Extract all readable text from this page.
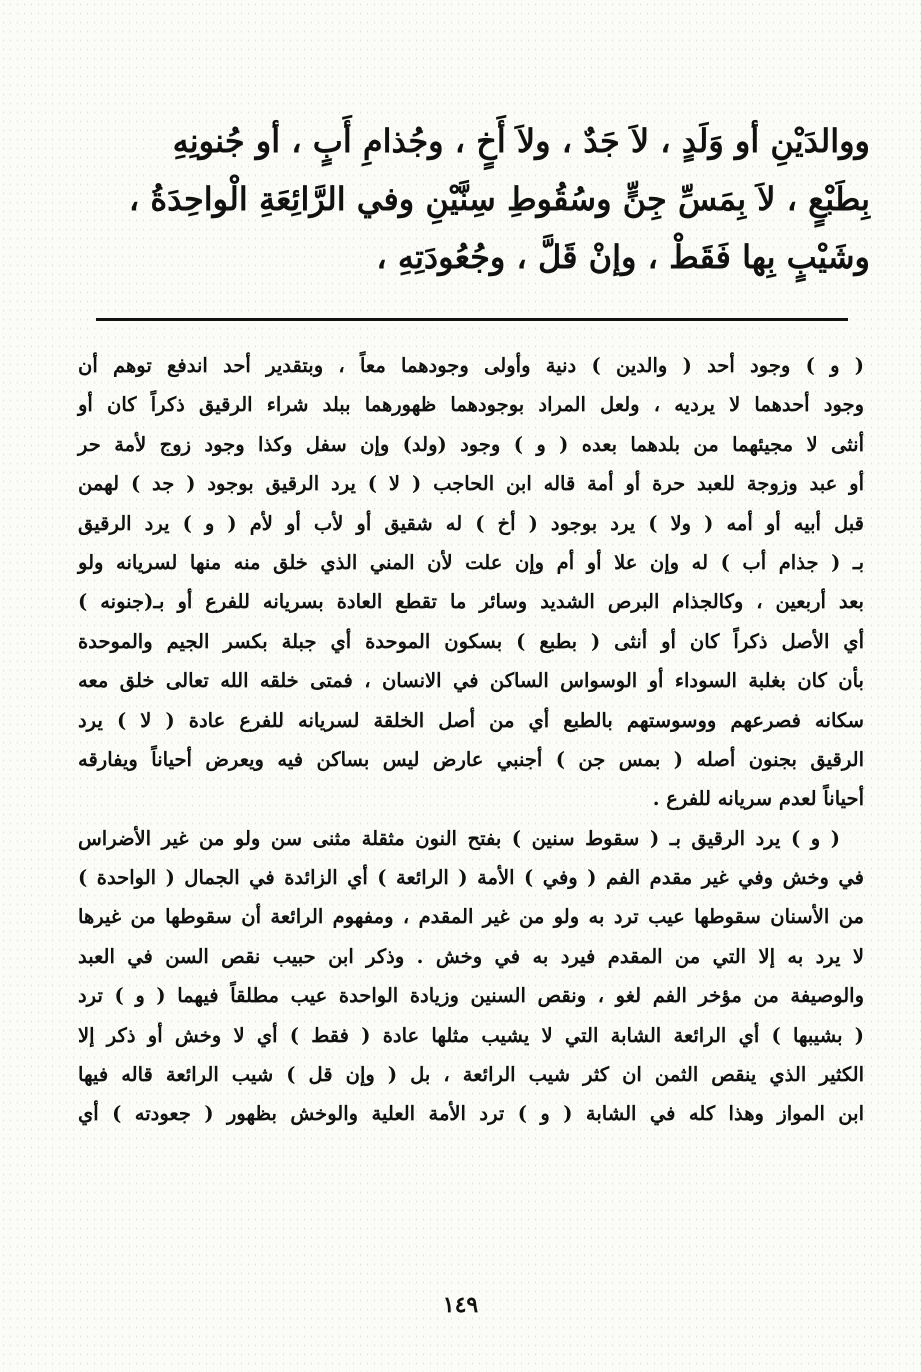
ووالدَيْنِ أو وَلَدٍ ، لاَ جَدٌ ، ولاَ أَخٍ ، وجُذامِ أَبٍ ، أو جُنونِهِ
بِطَبْعٍ ، لاَ بِمَسِّ جِنٍّ وسُقُوطِ سِنَّيْنِ وفي الرَّائِعَةِ الْواحِدَةُ ،
وشَيْبٍ بِها فَقَطْ ، وإنْ قَلَّ ، وجُعُودَتِهِ ،
( و ) وجود أحد ( والدين ) دنية وأولى وجودهما معاً ، وبتقدير أحد اندفع توهم أن
وجود أحدهما لا يرديه ، ولعل المراد بوجودهما ظهورهما ببلد شراء الرقيق ذكراً كان أو
أنثى لا مجيئهما من بلدهما بعده ( و ) وجود (ولد) وإن سفل وكذا وجود زوج لأمة حر
أو عبد وزوجة للعبد حرة أو أمة قاله ابن الحاجب ( لا ) يرد الرقيق بوجود ( جد ) لهمن
قبل أبيه أو أمه ( ولا ) يرد بوجود ( أخ ) له شقيق أو لأب أو لأم ( و ) يرد الرقيق
بـ ( جذام أب ) له وإن علا أو أم وإن علت لأن المني الذي خلق منه منها لسريانه ولو
بعد أربعين ، وكالجذام البرص الشديد وسائر ما تقطع العادة بسريانه للفرع أو بـ(جنونه )
أي الأصل ذكراً كان أو أنثى ( بطبع ) بسكون الموحدة أي جبلة بكسر الجيم والموحدة
بأن كان بغلبة السوداء أو الوسواس الساكن في الانسان ، فمتى خلقه الله تعالى خلق معه
سكانه فصرعهم ووسوستهم بالطبع أي من أصل الخلقة لسريانه للفرع عادة ( لا ) يرد
الرقيق بجنون أصله ( بمس جن ) أجنبي عارض ليس بساكن فيه ويعرض أحياناً ويفارقه
أحياناً لعدم سريانه للفرع .
( و ) يرد الرقيق بـ ( سقوط سنين ) بفتح النون مثقلة مثنى سن ولو من غير الأضراس
في وخش وفي غير مقدم الفم ( وفي ) الأمة ( الرائعة ) أي الزائدة في الجمال ( الواحدة )
من الأسنان سقوطها عيب ترد به ولو من غير المقدم ، ومفهوم الرائعة أن سقوطها من غيرها
لا يرد به إلا التي من المقدم فيرد به في وخش . وذكر ابن حبيب نقص السن في العبد
والوصيفة من مؤخر الفم لغو ، ونقص السنين وزيادة الواحدة عيب مطلقاً فيهما ( و ) ترد
( بشيبها ) أي الرائعة الشابة التي لا يشيب مثلها عادة ( فقط ) أي لا وخش أو ذكر إلا
الكثير الذي ينقص الثمن ان كثر شيب الرائعة ، بل ( وإن قل ) شيب الرائعة قاله فيها
ابن المواز وهذا كله في الشابة ( و ) ترد الأمة العلية والوخش بظهور ( جعودته ) أي
١٤٩
